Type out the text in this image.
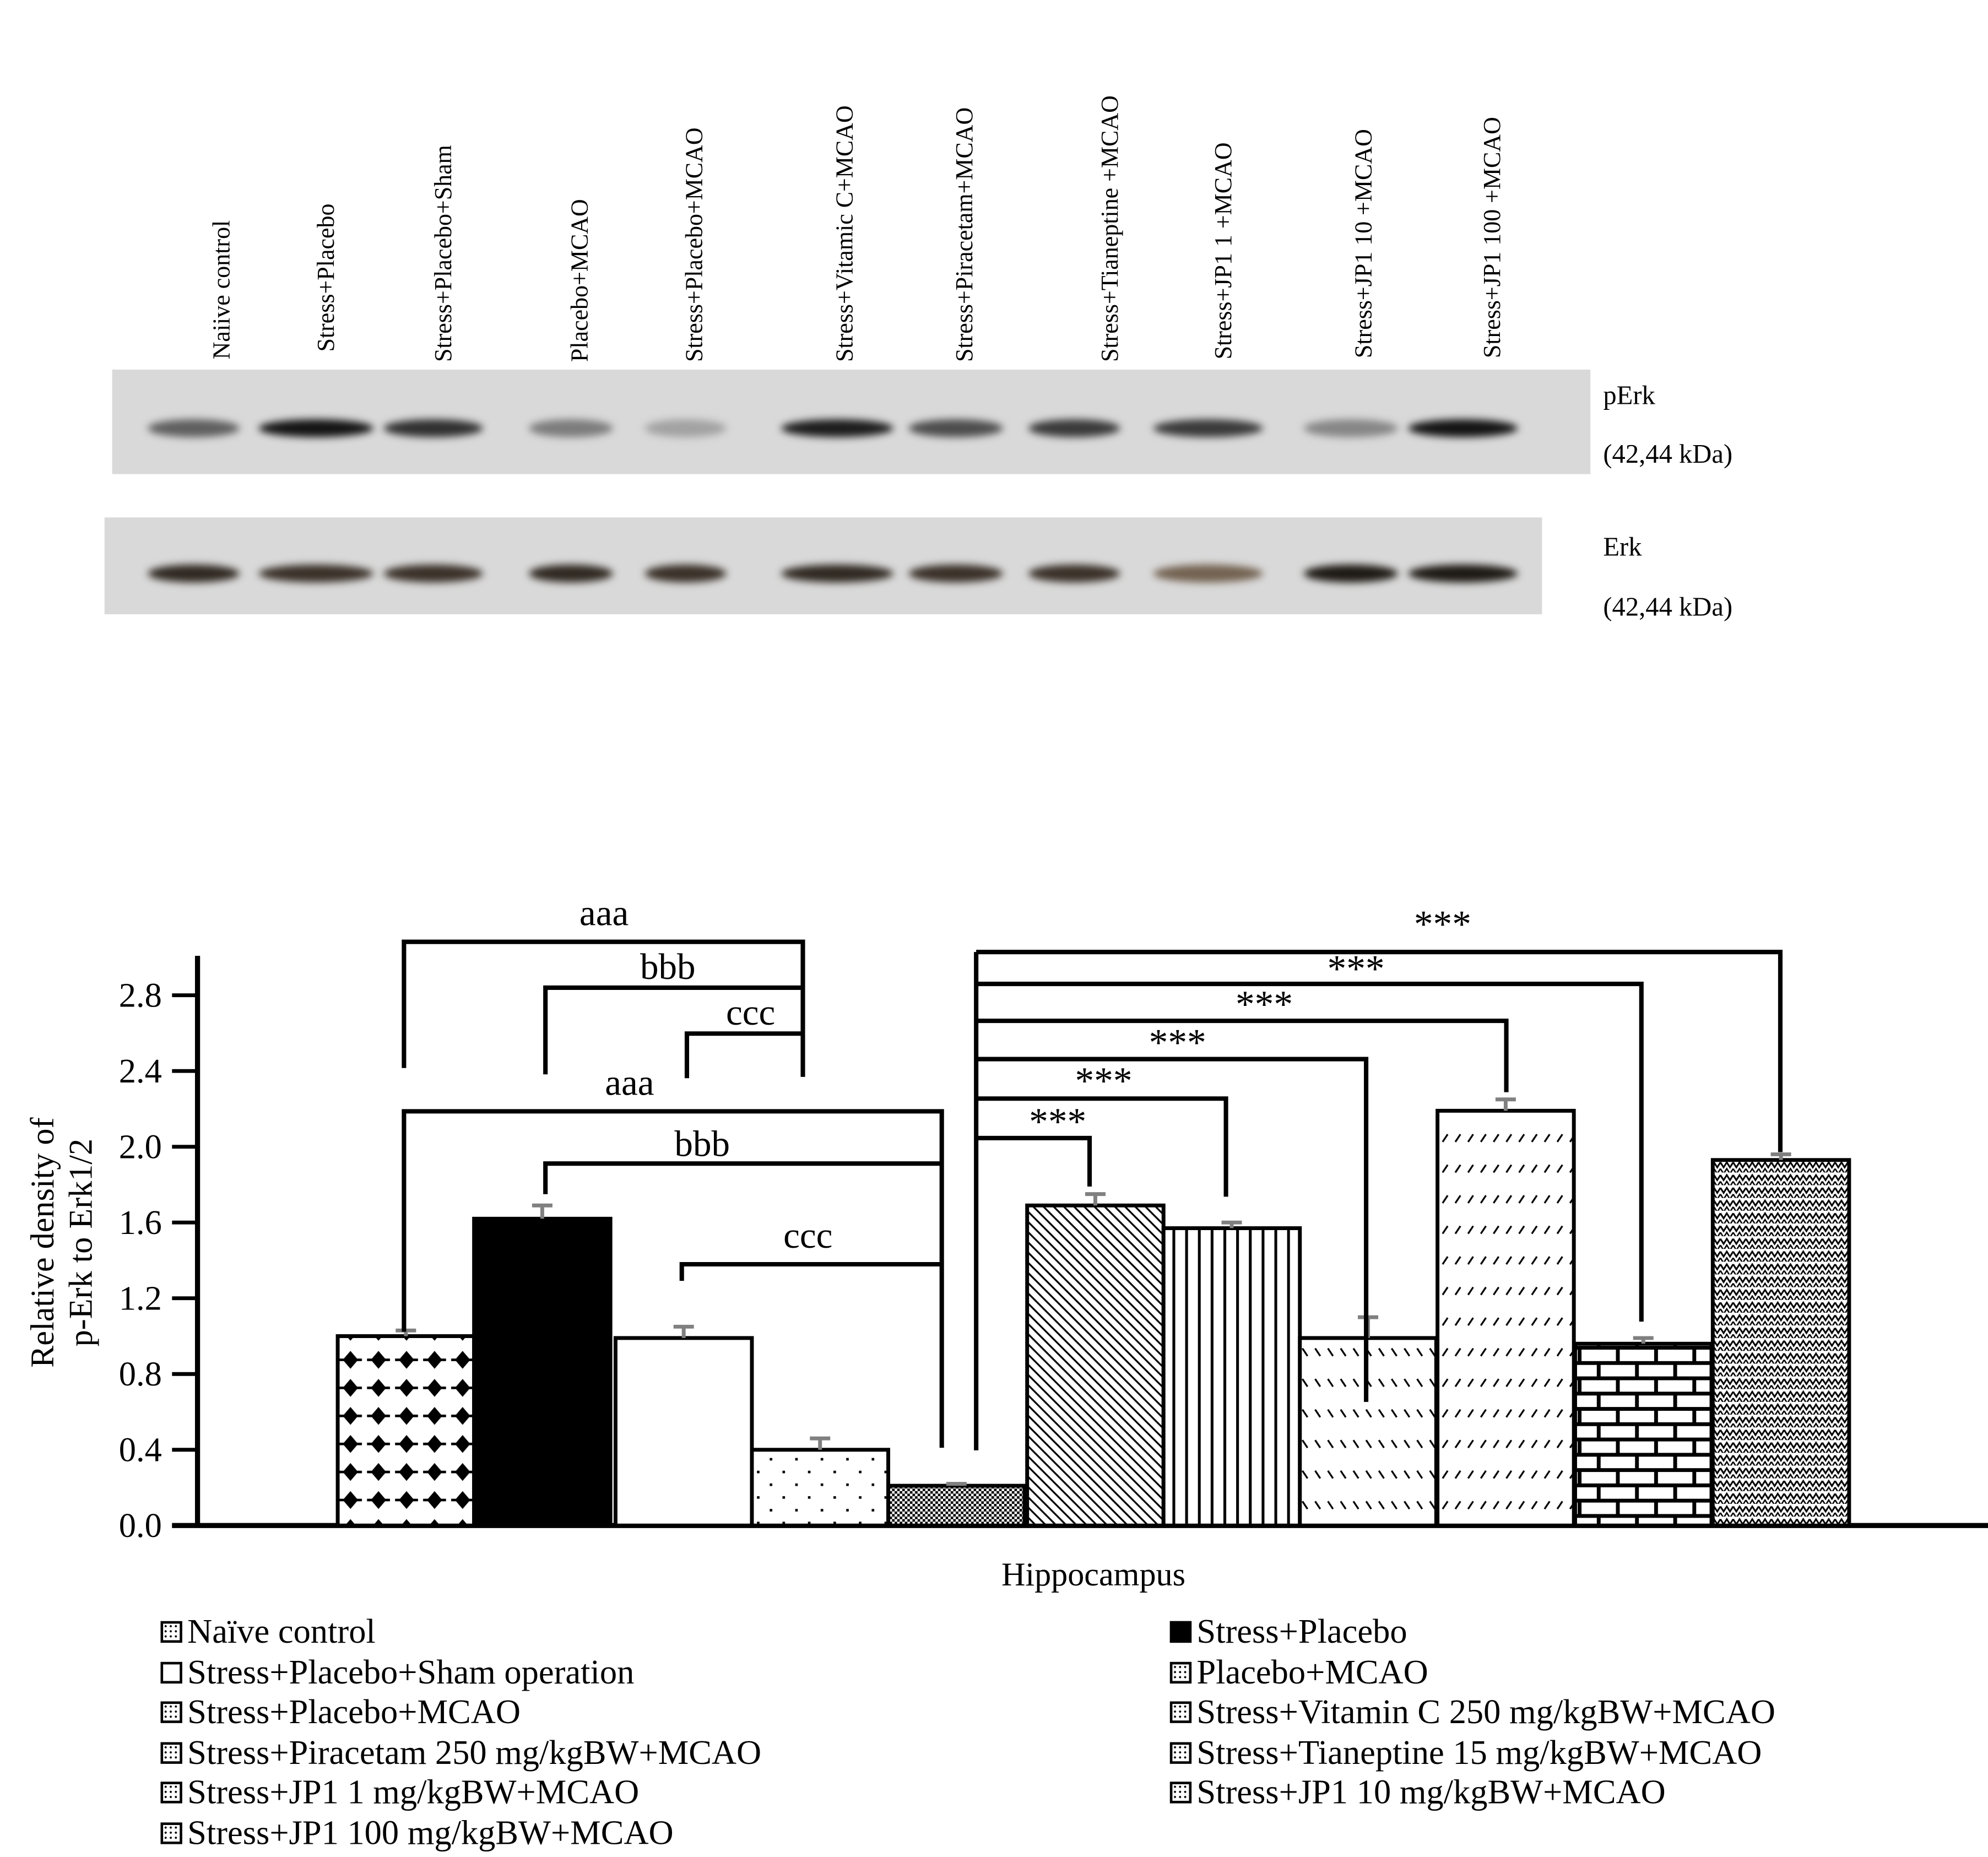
Naiive control	Stress+Placebo	Stress+Placebo+Sham	Placebo+MCAO	Stress+Placebo+MCAO	Stress+Vitamic C+MCAO	Stress+Piracetam+MCAO	Stress+Tianeptine +MCAO	Stress+JP1 1 +MCAO	Stress+JP1 10 +MCAO	Stress+JP1 100 +MCAO
pErk
(42,44 kDa)
Erk
(42,44 kDa)
0.0
0.4
0.8
1.2
1.6
2.0
2.4
2.8
aaa
bbb
ccc
aaa
bbb
ccc
***
***
***
***
***
***
Relative density of p-Erk to Erk1/2
Hippocampus
Naïve control
Stress+Placebo+Sham operation
Stress+Placebo+MCAO
Stress+Piracetam 250 mg/kgBW+MCAO
Stress+JP1 1 mg/kgBW+MCAO
Stress+JP1 100 mg/kgBW+MCAO
Stress+Placebo
Placebo+MCAO
Stress+Vitamin C 250 mg/kgBW+MCAO
Stress+Tianeptine 15 mg/kgBW+MCAO
Stress+JP1 10 mg/kgBW+MCAO
